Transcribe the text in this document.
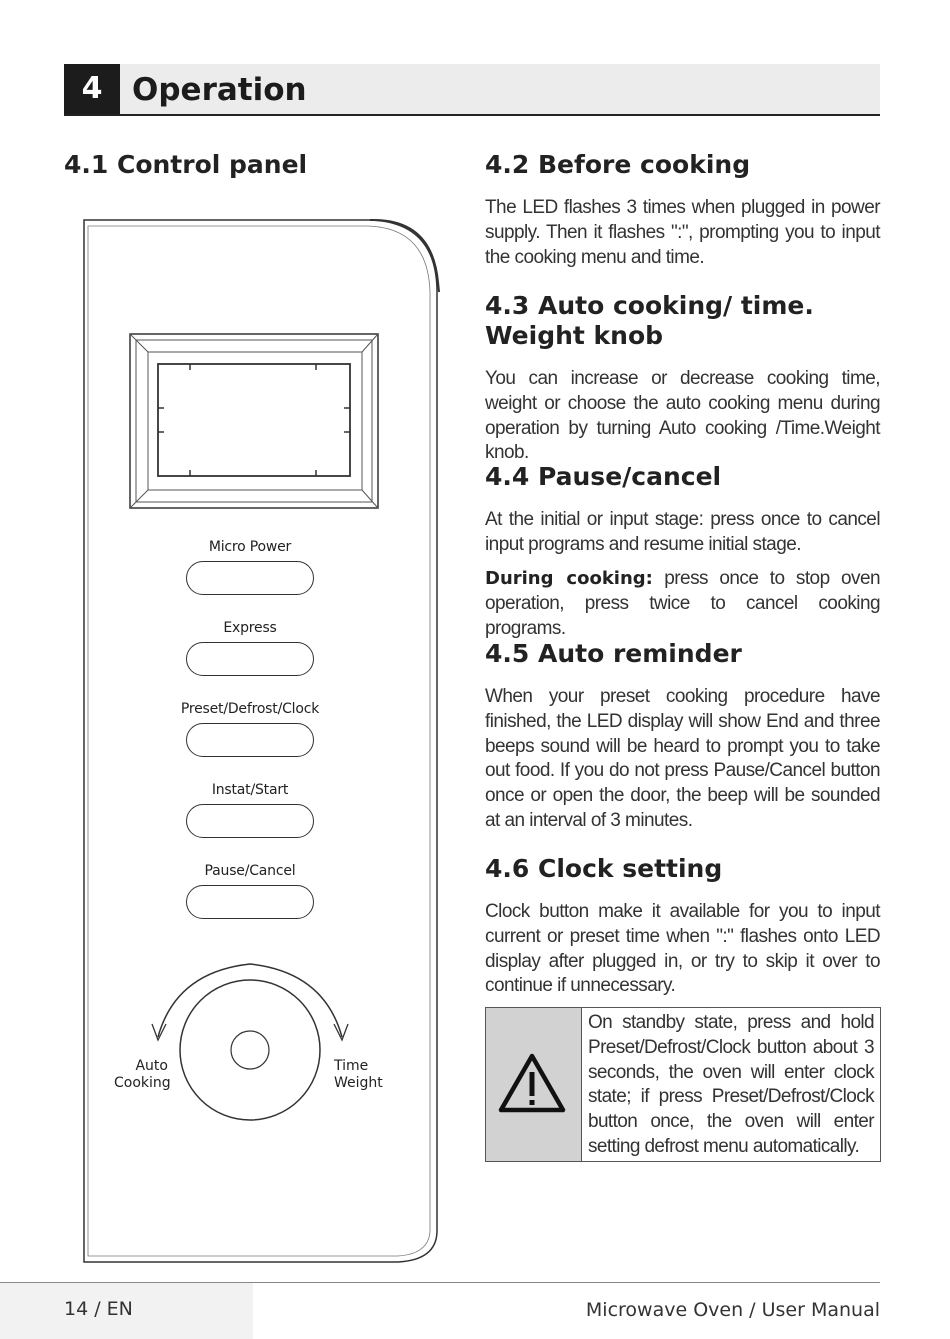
4 Operation
4.1 Control panel
Micro Power
Express
Preset/Defrost/Clock
Instat/Start
Pause/Cancel
Auto
Cooking
Time
Weight
4.2 Before cooking
The LED flashes 3 times when plugged in power supply. Then it flashes ":", prompting you to input the cooking menu and time.
4.3 Auto cooking/ time.
Weight knob
You can increase or decrease cooking time, weight or choose the auto cooking menu during operation by turning Auto cooking /Time.Weight knob.
4.4 Pause/cancel
At the initial or input stage: press once to cancel input programs and resume initial stage.
During cooking: press once to stop oven operation, press twice to cancel cooking programs.
4.5 Auto reminder
When your preset cooking procedure have finished, the LED display will show End and three beeps sound will be heard to prompt you to take out food. If you do not press Pause/Cancel button once or open the door, the beep will be sounded at an interval of 3 minutes.
4.6 Clock setting
Clock button make it available for you to input current or preset time when ":" flashes onto LED display after plugged in, or try to skip it over to continue if unnecessary.
On standby state, press and hold Preset/Defrost/Clock button about 3 seconds, the oven will enter clock state; if press Preset/Defrost/Clock button once, the oven will enter setting defrost menu automatically.
14 / EN	Microwave Oven / User Manual
